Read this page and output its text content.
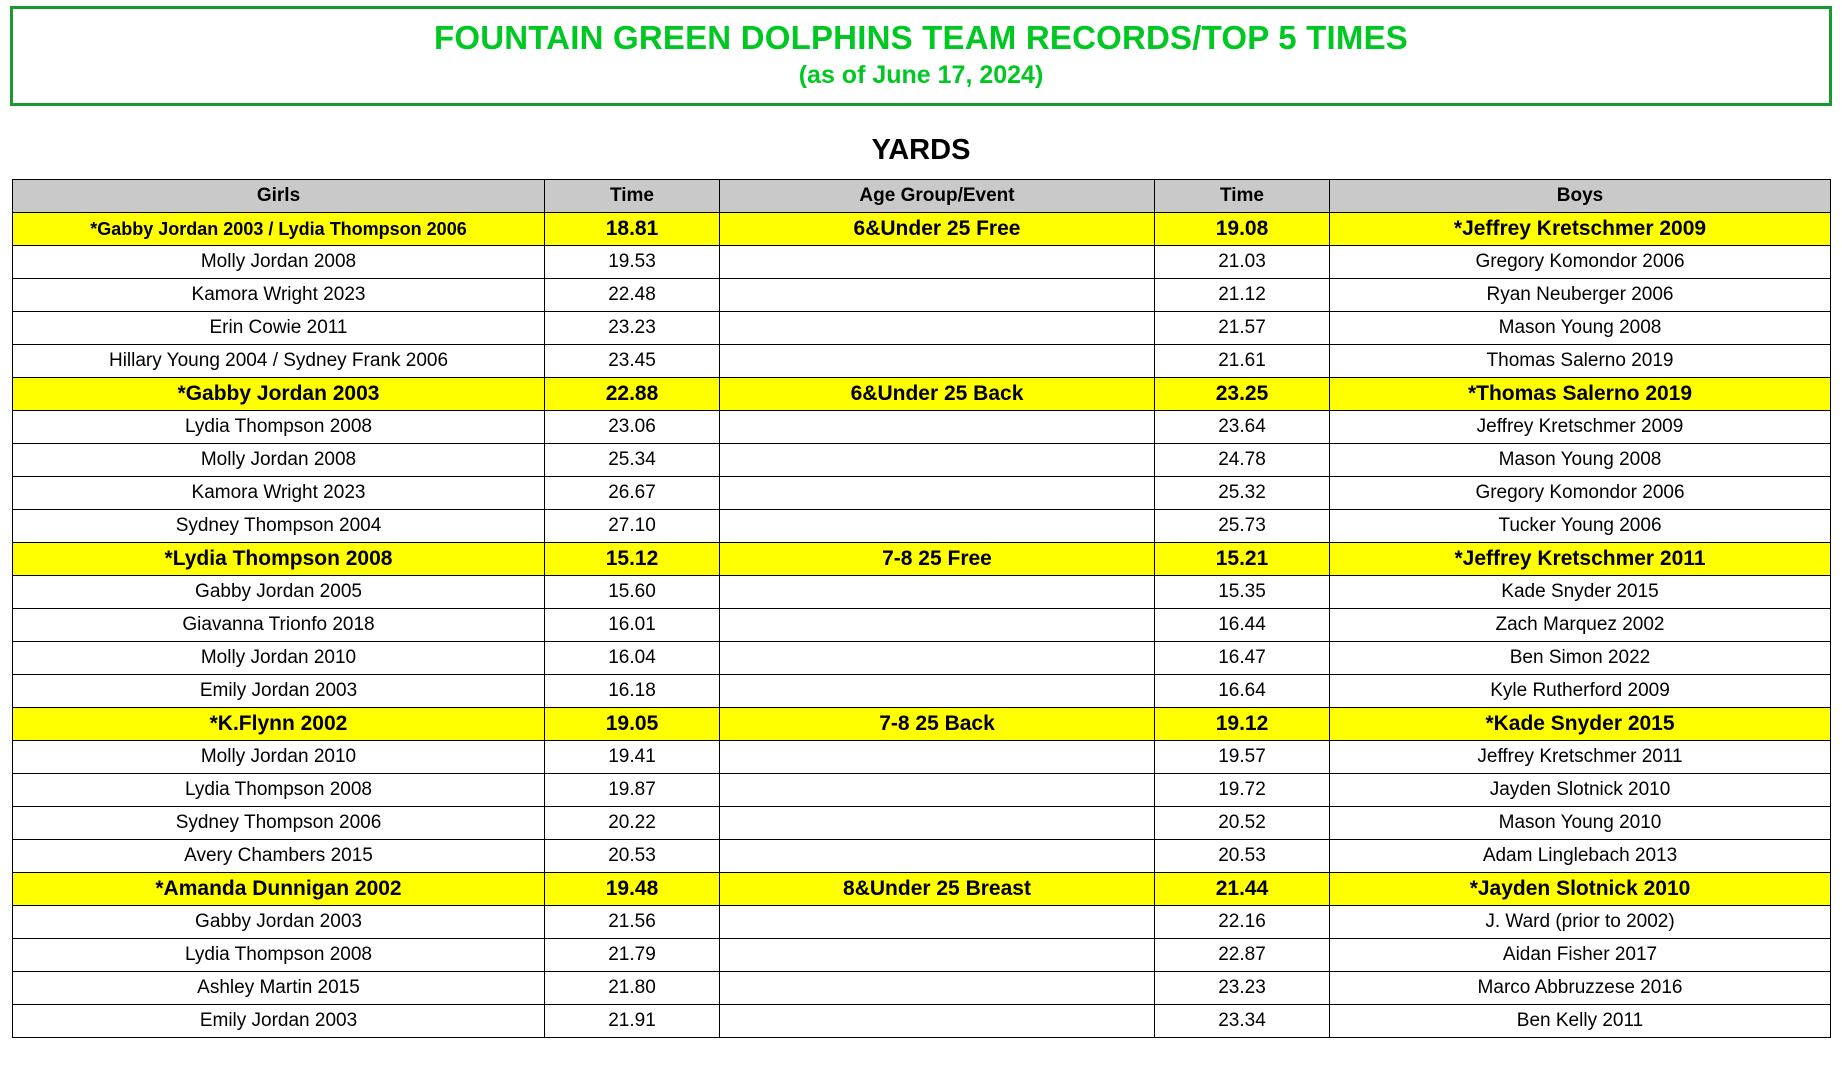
FOUNTAIN GREEN DOLPHINS TEAM RECORDS/TOP 5 TIMES
(as of June 17, 2024)
YARDS
Girls	Time	Age Group/Event	Time	Boys
*Gabby Jordan 2003 / Lydia Thompson 2006	18.81	6&Under 25 Free	19.08	*Jeffrey Kretschmer 2009
Molly Jordan 2008	19.53		21.03	Gregory Komondor 2006
Kamora Wright 2023	22.48		21.12	Ryan Neuberger 2006
Erin Cowie 2011	23.23		21.57	Mason Young 2008
Hillary Young 2004 / Sydney Frank 2006	23.45		21.61	Thomas Salerno 2019
*Gabby Jordan 2003	22.88	6&Under 25 Back	23.25	*Thomas Salerno 2019
Lydia Thompson 2008	23.06		23.64	Jeffrey Kretschmer 2009
Molly Jordan 2008	25.34		24.78	Mason Young 2008
Kamora Wright 2023	26.67		25.32	Gregory Komondor 2006
Sydney Thompson 2004	27.10		25.73	Tucker Young 2006
*Lydia Thompson 2008	15.12	7-8 25 Free	15.21	*Jeffrey Kretschmer 2011
Gabby Jordan 2005	15.60		15.35	Kade Snyder 2015
Giavanna Trionfo 2018	16.01		16.44	Zach Marquez 2002
Molly Jordan 2010	16.04		16.47	Ben Simon 2022
Emily Jordan 2003	16.18		16.64	Kyle Rutherford 2009
*K.Flynn 2002	19.05	7-8 25 Back	19.12	*Kade Snyder 2015
Molly Jordan 2010	19.41		19.57	Jeffrey Kretschmer 2011
Lydia Thompson 2008	19.87		19.72	Jayden Slotnick 2010
Sydney Thompson 2006	20.22		20.52	Mason Young 2010
Avery Chambers 2015	20.53		20.53	Adam Linglebach 2013
*Amanda Dunnigan 2002	19.48	8&Under 25 Breast	21.44	*Jayden Slotnick 2010
Gabby Jordan 2003	21.56		22.16	J. Ward (prior to 2002)
Lydia Thompson 2008	21.79		22.87	Aidan Fisher 2017
Ashley Martin 2015	21.80		23.23	Marco Abbruzzese 2016
Emily Jordan 2003	21.91		23.34	Ben Kelly 2011
